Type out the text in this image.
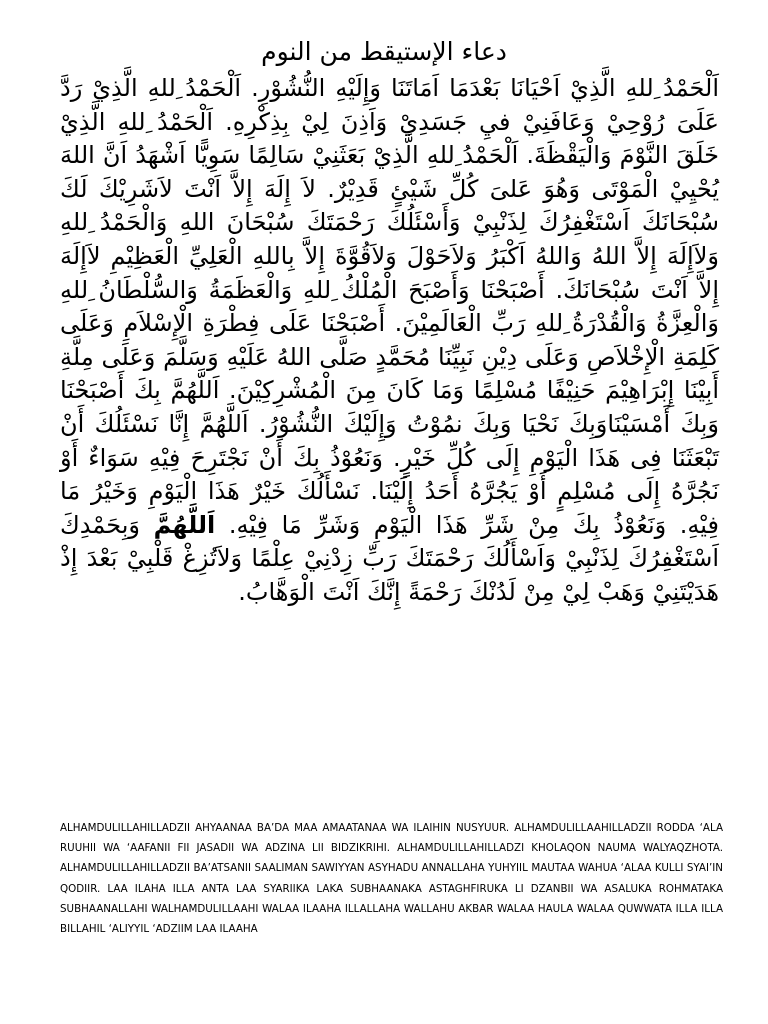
دعاء الإستيقط من النوم

اَلْحَمْدُ ِللهِ الَّذِيْ اَحْيَانَا بَعْدَمَا اَمَاتَنَا وَإِلَيْهِ النُّشُوْرِ. اَلْحَمْدُ ِللهِ الَّذِيْ رَدَّ عَلَىَ رُوْحِيْ وَعَافَنِيْ فيِ جَسَدِيْ وَاَذِنَ لِيْ بِذِكْرِهِ. اَلْحَمْدُ ِللهِ الَّذِيْ خَلَقَ النَّوْمَ وَالْيَقْظَةَ. اَلْحَمْدُ ِللهِ الَّذِيْ بَعَثَنِيْ سَالِمًا سَوِيًّا اَشْهَدُ اَنَّ اللهَ يُحْيِيْ الْمَوْتَى وَهُوَ عَلىَ كُلِّ شَيْئٍ قَدِيْرٌ. لاَ إِلَهَ إِلاَّ اَنْتَ لاَشَرِيْكَ لَكَ سُبْحَانَكَ اَسْتَغْفِرُكَ لِذَنْبِيْ وَأَسْئَلُكَ رَحْمَتَكَ سُبْحَانَ اللهِ وَالْحَمْدُ ِللهِ وَلاَإِلَهَ إِلاَّ اللهُ وَاللهُ اَكْبَرُ وَلاَحَوْلَ وَلاَقُوَّةَ إِلاَّ بِاللهِ الْعَلِيِّ الْعَظِيْمِ لاَإِلَهَ إِلاَّ اَنْتَ سُبْحَانَكَ. أَصْبَحْنَا وَأَصْبَحَ الْمُلْكُ ِللهِ وَالْعَظَمَةُ وَالسُّلْطَانُ ِللهِ وَالْعِزَّةُ وَالْقُدْرَةُ ِللهِ رَبِّ الْعَالَمِيْنَ. أَصْبَحْنَا عَلَى فِطْرَةِ الْإِسْلاَمِ وَعَلَى كَلِمَةِ الْإِخْلاَصِ وَعَلَى دِيْنِ نَبِيِّنَا مُحَمَّدٍ صَلَّى اللهُ عَلَيْهِ وَسَلَّمَ وَعَلَى مِلَّةِ أَبِيْنَا إِبْرَاهِيْمَ حَنِيْفًا مُسْلِمًا وَمَا كَانَ مِنَ الْمُشْرِكِيْنَ. اَللَّهُمَّ بِكَ أَصْبَحْنَا وَبِكَ أَمْسَيْنَاوَبِكَ نَحْيَا وَبِكَ نمُوْتُ وَإِلَيْكَ النُّشُوْرُ. اَللَّهُمَّ إِنَّا نَسْئَلُكَ أَنْ تَبْعَثَنَا فِى هَذَا الْيَوْمِ إِلَى كُلِّ خَيْرٍ. وَنَعُوْذُ بِكَ أَنْ نَجْتَرِحَ فِيْهِ سَوَاءٌ أَوْ نَجُرَّهُ إِلَى مُسْلِمٍ أَوْ يَجُرَّهُ أَحَدُ إِلَيْنَا. نَسْأَلُكَ خَيْرٌ هَذَا الْيَوْمِ وَخَيْرُ مَا فِيْهِ. وَنَعُوْذُ بِكَ مِنْ شَرِّ هَذَا الْيَوْمِ وَشَرِّ مَا فِيْهِ. اَللَّهُمَّ وَبِحَمْدِكَ اَسْتَغْفِرُكَ لِذَنْبِيْ وَاَسْأَلُكَ رَحْمَتَكَ رَبِّ زِدْنِيْ عِلْمًا وَلاَتُزِغْ قَلْبِيْ بَعْدَ إِذْ هَدَيْتَنِيْ وَهَبْ لِيْ مِنْ لَدُنْكَ رَحْمَةً إِنَّكَ اَنْتَ الْوَهَّابُ.

ALHAMDULILLAHILLADZII AHYAANAA BA’DA MAA AMAATANAA WA ILAIHIN NUSYUUR. ALHAMDULILLAAHILLADZII RODDA ‘ALA RUUHII WA ‘AAFANII FII JASADII WA ADZINA LII BIDZIKRIHI. ALHAMDULILLAHILLADZI KHOLAQON NAUMA WALYAQZHOTA. ALHAMDULILLAHILLADZII BA’ATSANII SAALIMAN SAWIYYAN ASYHADU ANNALLAHA YUHYIIL MAUTAA WAHUA ‘ALAA KULLI SYAI’IN QODIIR. LAA ILAHA ILLA ANTA LAA SYARIIKA LAKA SUBHAANAKA ASTAGHFIRUKA LI DZANBII WA ASALUKA ROHMATAKA SUBHAANALLAHI WALHAMDULILLAAHI WALAA ILAAHA ILLALLAHA WALLAHU AKBAR WALAA HAULA WALAA QUWWATA ILLA ILLA BILLAHIL ‘ALIYYIL ‘ADZIIM LAA ILAAHA
